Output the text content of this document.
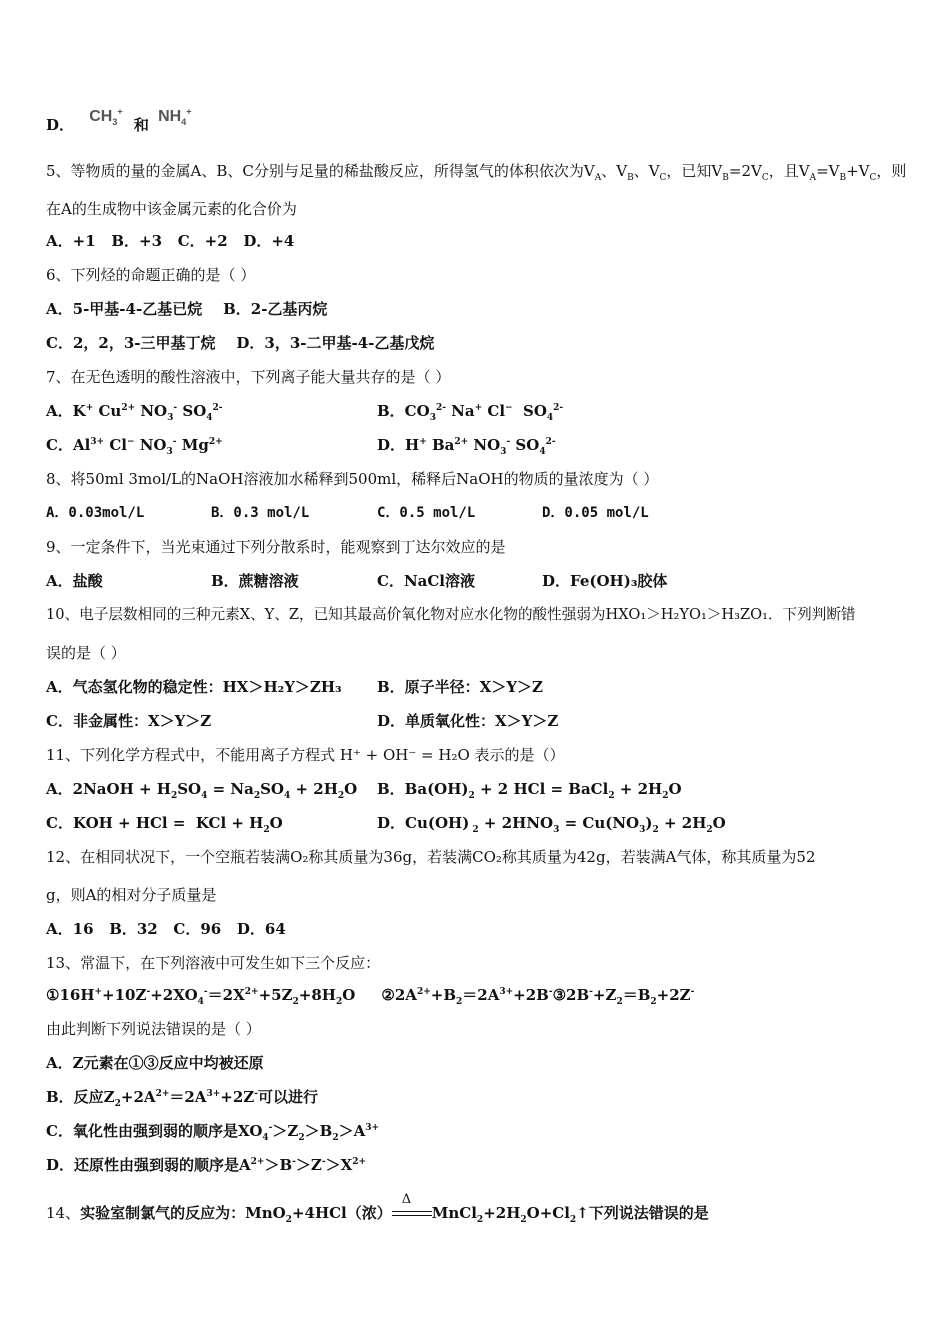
D． $CH_3^+$ 和 $NH_4^+$
5、等物质的量的金属A、B、C分别与足量的稀盐酸反应，所得氢气的体积依次为$V_A$、$V_B$、$V_C$，已知$V_B=2V_C$，且$V_A=V_B+V_C$，则
在A的生成物中该金属元素的化合价为
A．+1 B．+3 C．+2 D．+4
6、下列烃的命题正确的是（ ）
A．5-甲基-4-乙基已烷 B．2-乙基丙烷
C．2，2，3-三甲基丁烷 D．3，3-二甲基-4-乙基戊烷
7、在无色透明的酸性溶液中，下列离子能大量共存的是（ ）
A．K+ $Cu^{2+}$ $NO_3^-$ $SO_4^{2-}$	B．$CO_3^{2-}$ Na+ Cl−  $SO_4^{2-}$
C．$Al^{3+}$ Cl− $NO_3^-$ $Mg^{2+}$	D．H+ $Ba^{2+}$ $NO_3^-$ $SO_4^{2-}$
8、将50ml 3mol/L的NaOH溶液加水稀释到500ml，稀释后NaOH的物质的量浓度为（ ）
A．0.03mol/L	B．0.3 mol/L	C．0.5 mol/L	D．0.05 mol/L
9、一定条件下，当光束通过下列分散系时，能观察到丁达尔效应的是
A．盐酸	B．蔗糖溶液	C．NaCl溶液	D．Fe(OH)₃胶体
10、电子层数相同的三种元素X、Y、Z，已知其最高价氧化物对应水化物的酸性强弱为HXO₁＞H₂YO₁＞H₃ZO₁．下列判断错
误的是（ ）
A．气态氢化物的稳定性：HX＞H₂Y＞ZH₃ B．原子半径：X＞Y＞Z
C．非金属性：X＞Y＞Z	D．单质氧化性：X＞Y＞Z
11、下列化学方程式中，不能用离子方程式 H⁺ + OH⁻ = H₂O 表示的是（）
A．2NaOH + $H_2SO_4 = Na_2SO_4 + 2H_2O$ B．$Ba(OH)_2 + 2$ HCl = BaCl$_2$ + $2H_2O$
C．KOH + HCl =  KCl + $H_2O$	D．Cu(OH) $_2 + 2HNO_3 = Cu(NO_3)_2 + 2H_2O$
12、在相同状况下，一个空瓶若装满O₂称其质量为36g，若装满CO₂称其质量为42g，若装满A气体，称其质量为52
g，则A的相对分子质量是
A．16 B．32 C．96 D．64
13、常温下，在下列溶液中可发生如下三个反应：
$①16H^++10Z^-+2XO_4^-=2X^{2+}+5Z_2+8H_2O$     $②2A^{2+}+B_2=2A^{3+}+2B^-③2B^-+Z_2=B_2+2Z^-$
由此判断下列说法错误的是（ ）
A．Z元素在①③反应中均被还原
B．反应$Z_2+2A^{2+}=2A^{3+}+2Z^-$可以进行
C．氧化性由强到弱的顺序是$XO_4^->Z_2>B_2>A^{3+}$
D．还原性由强到弱的顺序是$A^{2+}>B^->Z^->X^{2+}$
14、实验室制氯气的反应为：MnO$_2$+4HCl（浓）
Δ
$MnCl_2+2H_2O+Cl_2↑$下列说法错误的是
